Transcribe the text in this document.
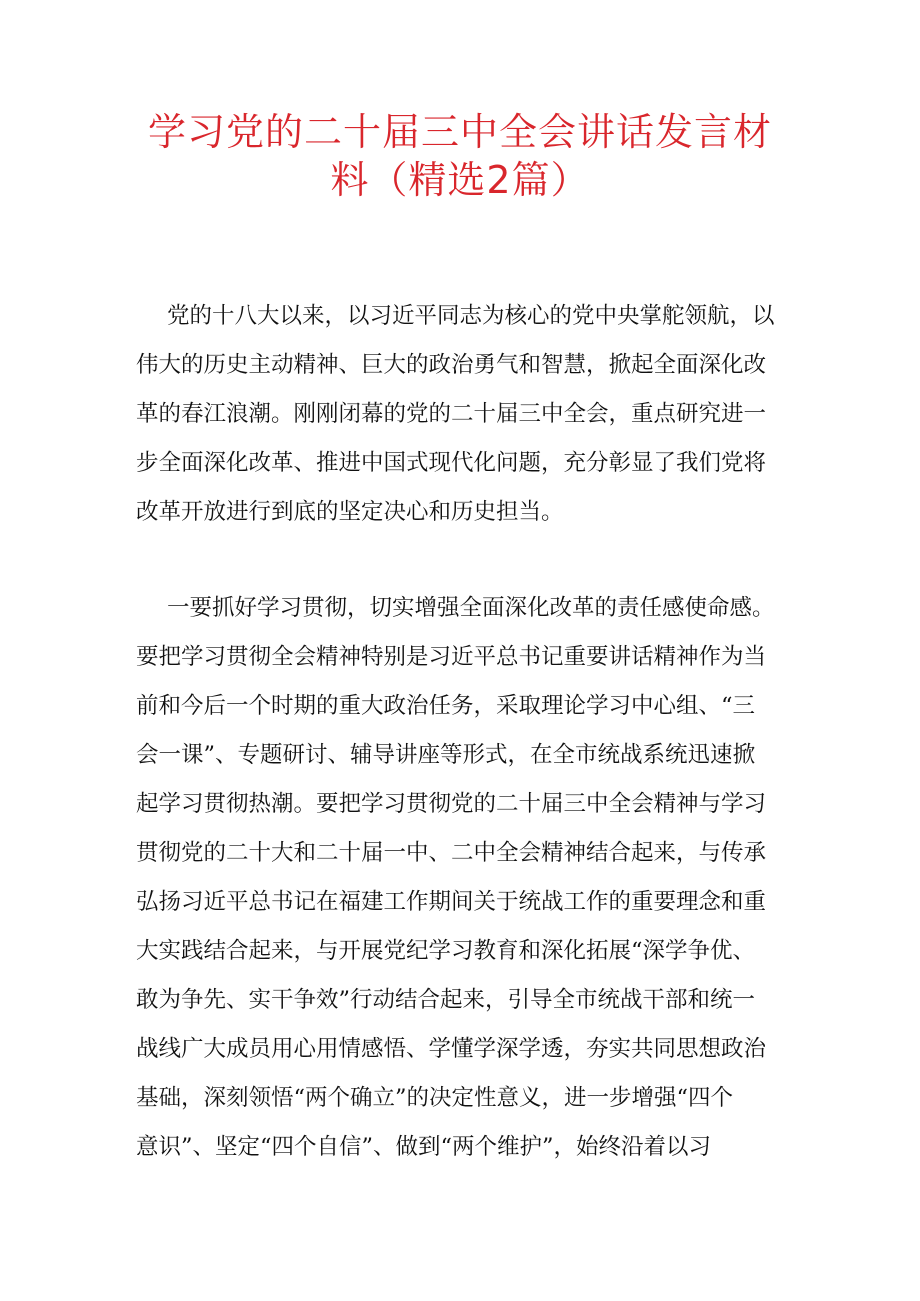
学习党的二十届三中全会讲话发言材
料（精选2篇）
党的十八大以来，以习近平同志为核心的党中央掌舵领航，以
伟大的历史主动精神、巨大的政治勇气和智慧，掀起全面深化改
革的春江浪潮。刚刚闭幕的党的二十届三中全会，重点研究进一
步全面深化改革、推进中国式现代化问题，充分彰显了我们党将
改革开放进行到底的坚定决心和历史担当。
一要抓好学习贯彻，切实增强全面深化改革的责任感使命感。
要把学习贯彻全会精神特别是习近平总书记重要讲话精神作为当
前和今后一个时期的重大政治任务，采取理论学习中心组、“三
会一课”、专题研讨、辅导讲座等形式，在全市统战系统迅速掀
起学习贯彻热潮。要把学习贯彻党的二十届三中全会精神与学习
贯彻党的二十大和二十届一中、二中全会精神结合起来，与传承
弘扬习近平总书记在福建工作期间关于统战工作的重要理念和重
大实践结合起来，与开展党纪学习教育和深化拓展“深学争优、
敢为争先、实干争效”行动结合起来，引导全市统战干部和统一
战线广大成员用心用情感悟、学懂学深学透，夯实共同思想政治
基础，深刻领悟“两个确立”的决定性意义，进一步增强“四个
意识”、坚定“四个自信”、做到“两个维护”，始终沿着以习
